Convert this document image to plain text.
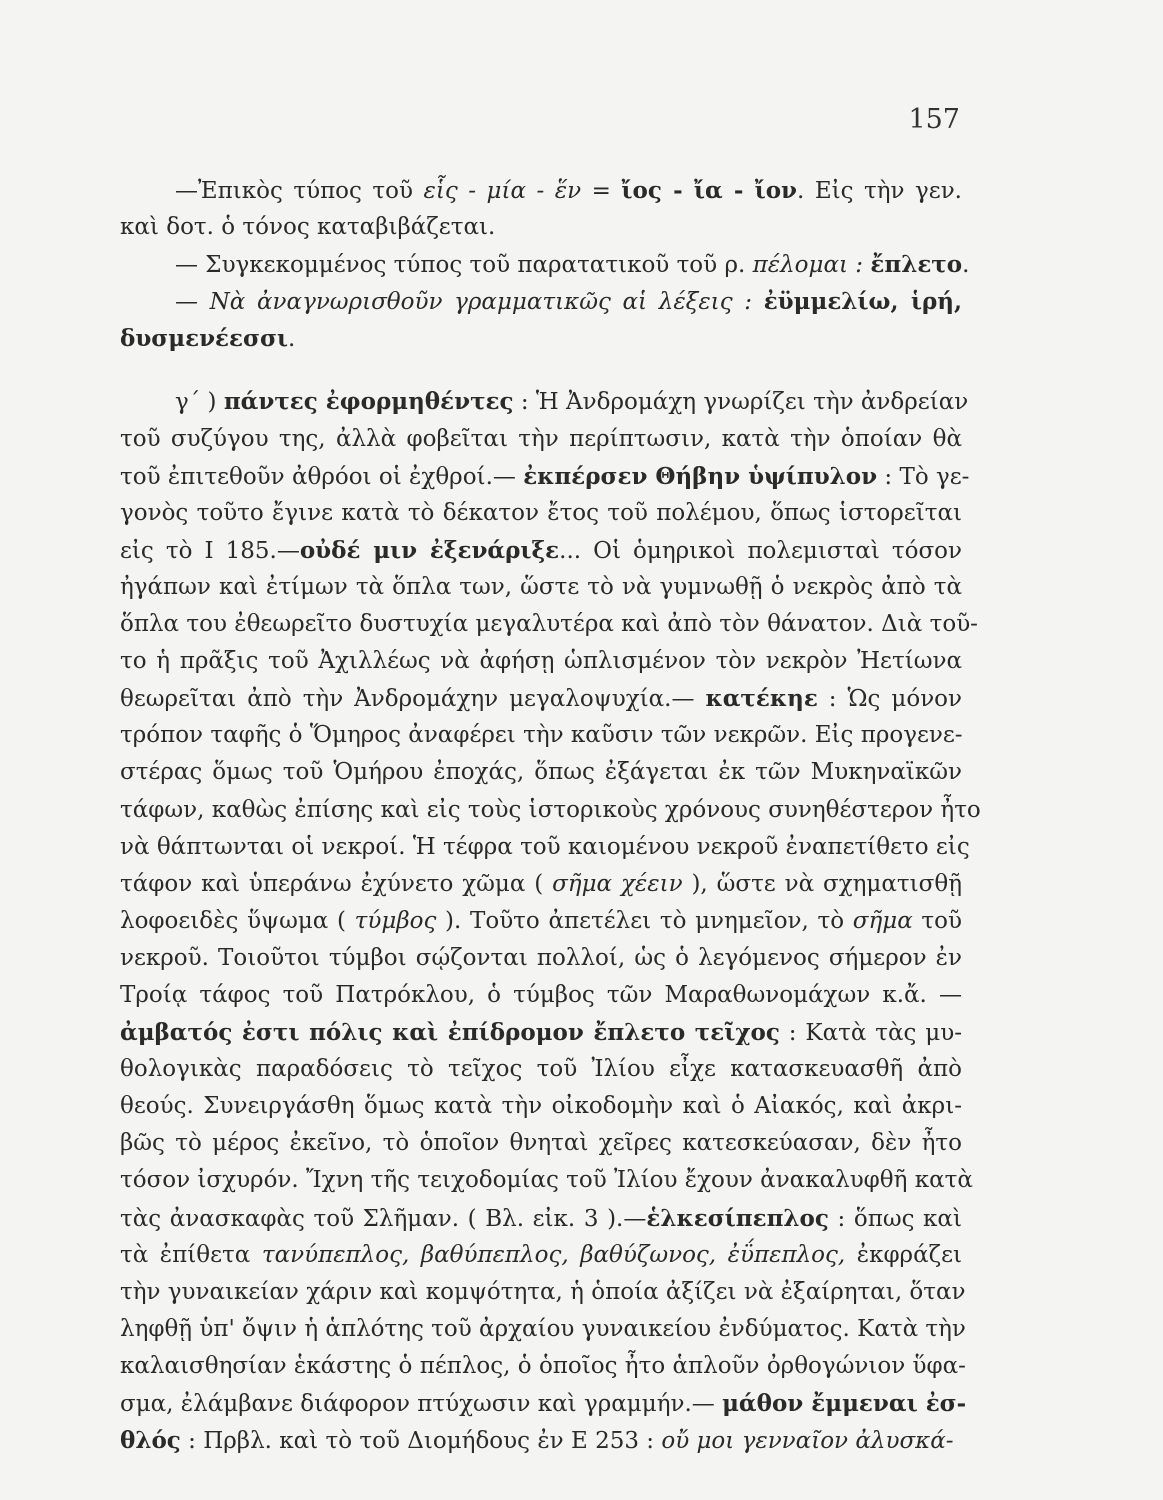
157
—Ἐπικὸς τύπος τοῦ εἷς - μία - ἕν = ἴος - ἴα - ἴον. Εἰς τὴν γεν.
καὶ δοτ. ὁ τόνος καταβιβάζεται.
— Συγκεκομμένος τύπος τοῦ παρατατικοῦ τοῦ ρ. πέλομαι : ἔπλετο.
— Νὰ ἀναγνωρισθοῦν γραμματικῶς αἱ λέξεις : ἐϋμμελίω, ἱρή,
δυσμενέεσσι.
γ´ ) πάντες ἐφορμηθέντες : Ἡ Ἀνδρομάχη γνωρίζει τὴν ἀνδρείαν
τοῦ συζύγου της, ἀλλὰ φοβεῖται τὴν περίπτωσιν, κατὰ τὴν ὁποίαν θὰ
τοῦ ἐπιτεθοῦν ἀθρόοι οἱ ἐχθροί.— ἐκπέρσεν Θήβην ὑψίπυλον : Τὸ γε-
γονὸς τοῦτο ἔγινε κατὰ τὸ δέκατον ἔτος τοῦ πολέμου, ὅπως ἱστορεῖται
εἰς τὸ Ι 185.—οὐδέ μιν ἐξενάριξε... Οἱ ὁμηρικοὶ πολεμισταὶ τόσον
ἠγάπων καὶ ἐτίμων τὰ ὅπλα των, ὥστε τὸ νὰ γυμνωθῇ ὁ νεκρὸς ἀπὸ τὰ
ὅπλα του ἐθεωρεῖτο δυστυχία μεγαλυτέρα καὶ ἀπὸ τὸν θάνατον. Διὰ τοῦ-
το ἡ πρᾶξις τοῦ Ἀχιλλέως νὰ ἀφήσῃ ὡπλισμένον τὸν νεκρὸν Ἠετίωνα
θεωρεῖται ἀπὸ τὴν Ἀνδρομάχην μεγαλοψυχία.— κατέκηε : Ὡς μόνον
τρόπον ταφῆς ὁ Ὅμηρος ἀναφέρει τὴν καῦσιν τῶν νεκρῶν. Εἰς προγενε-
στέρας ὅμως τοῦ Ὁμήρου ἐποχάς, ὅπως ἐξάγεται ἐκ τῶν Μυκηναϊκῶν
τάφων, καθὼς ἐπίσης καὶ εἰς τοὺς ἱστορικοὺς χρόνους συνηθέστερον ἦτο
νὰ θάπτωνται οἱ νεκροί. Ἡ τέφρα τοῦ καιομένου νεκροῦ ἐναπετίθετο εἰς
τάφον καὶ ὑπεράνω ἐχύνετο χῶμα ( σῆμα χέειν ), ὥστε νὰ σχηματισθῇ
λοφοειδὲς ὕψωμα ( τύμβος ). Τοῦτο ἀπετέλει τὸ μνημεῖον, τὸ σῆμα τοῦ
νεκροῦ. Τοιοῦτοι τύμβοι σῴζονται πολλοί, ὡς ὁ λεγόμενος σήμερον ἐν
Τροίᾳ τάφος τοῦ Πατρόκλου, ὁ τύμβος τῶν Μαραθωνομάχων κ.ἄ. —
ἀμβατός ἐστι πόλις καὶ ἐπίδρομον ἔπλετο τεῖχος : Κατὰ τὰς μυ-
θολογικὰς παραδόσεις τὸ τεῖχος τοῦ Ἰλίου εἶχε κατασκευασθῆ ἀπὸ
θεούς. Συνειργάσθη ὅμως κατὰ τὴν οἰκοδομὴν καὶ ὁ Αἰακός, καὶ ἀκρι-
βῶς τὸ μέρος ἐκεῖνο, τὸ ὁποῖον θνηταὶ χεῖρες κατεσκεύασαν, δὲν ἦτο
τόσον ἰσχυρόν. Ἴχνη τῆς τειχοδομίας τοῦ Ἰλίου ἔχουν ἀνακαλυφθῆ κατὰ
τὰς ἀνασκαφὰς τοῦ Σλῆμαν. ( Βλ. εἰκ. 3 ).—ἑλκεσίπεπλος : ὅπως καὶ
τὰ ἐπίθετα τανύπεπλος, βαθύπεπλος, βαθύζωνος, ἐΰπεπλος, ἐκφράζει
τὴν γυναικείαν χάριν καὶ κομψότητα, ἡ ὁποία ἀξίζει νὰ ἐξαίρηται, ὅταν
ληφθῇ ὑπ' ὄψιν ἡ ἁπλότης τοῦ ἀρχαίου γυναικείου ἐνδύματος. Κατὰ τὴν
καλαισθησίαν ἑκάστης ὁ πέπλος, ὁ ὁποῖος ἦτο ἁπλοῦν ὀρθογώνιον ὕφα-
σμα, ἐλάμβανε διάφορον πτύχωσιν καὶ γραμμήν.— μάθον ἔμμεναι ἐσ-
θλός : Πρβλ. καὶ τὸ τοῦ Διομήδους ἐν Ε 253 : οὔ μοι γενναῖον ἀλυσκά-
